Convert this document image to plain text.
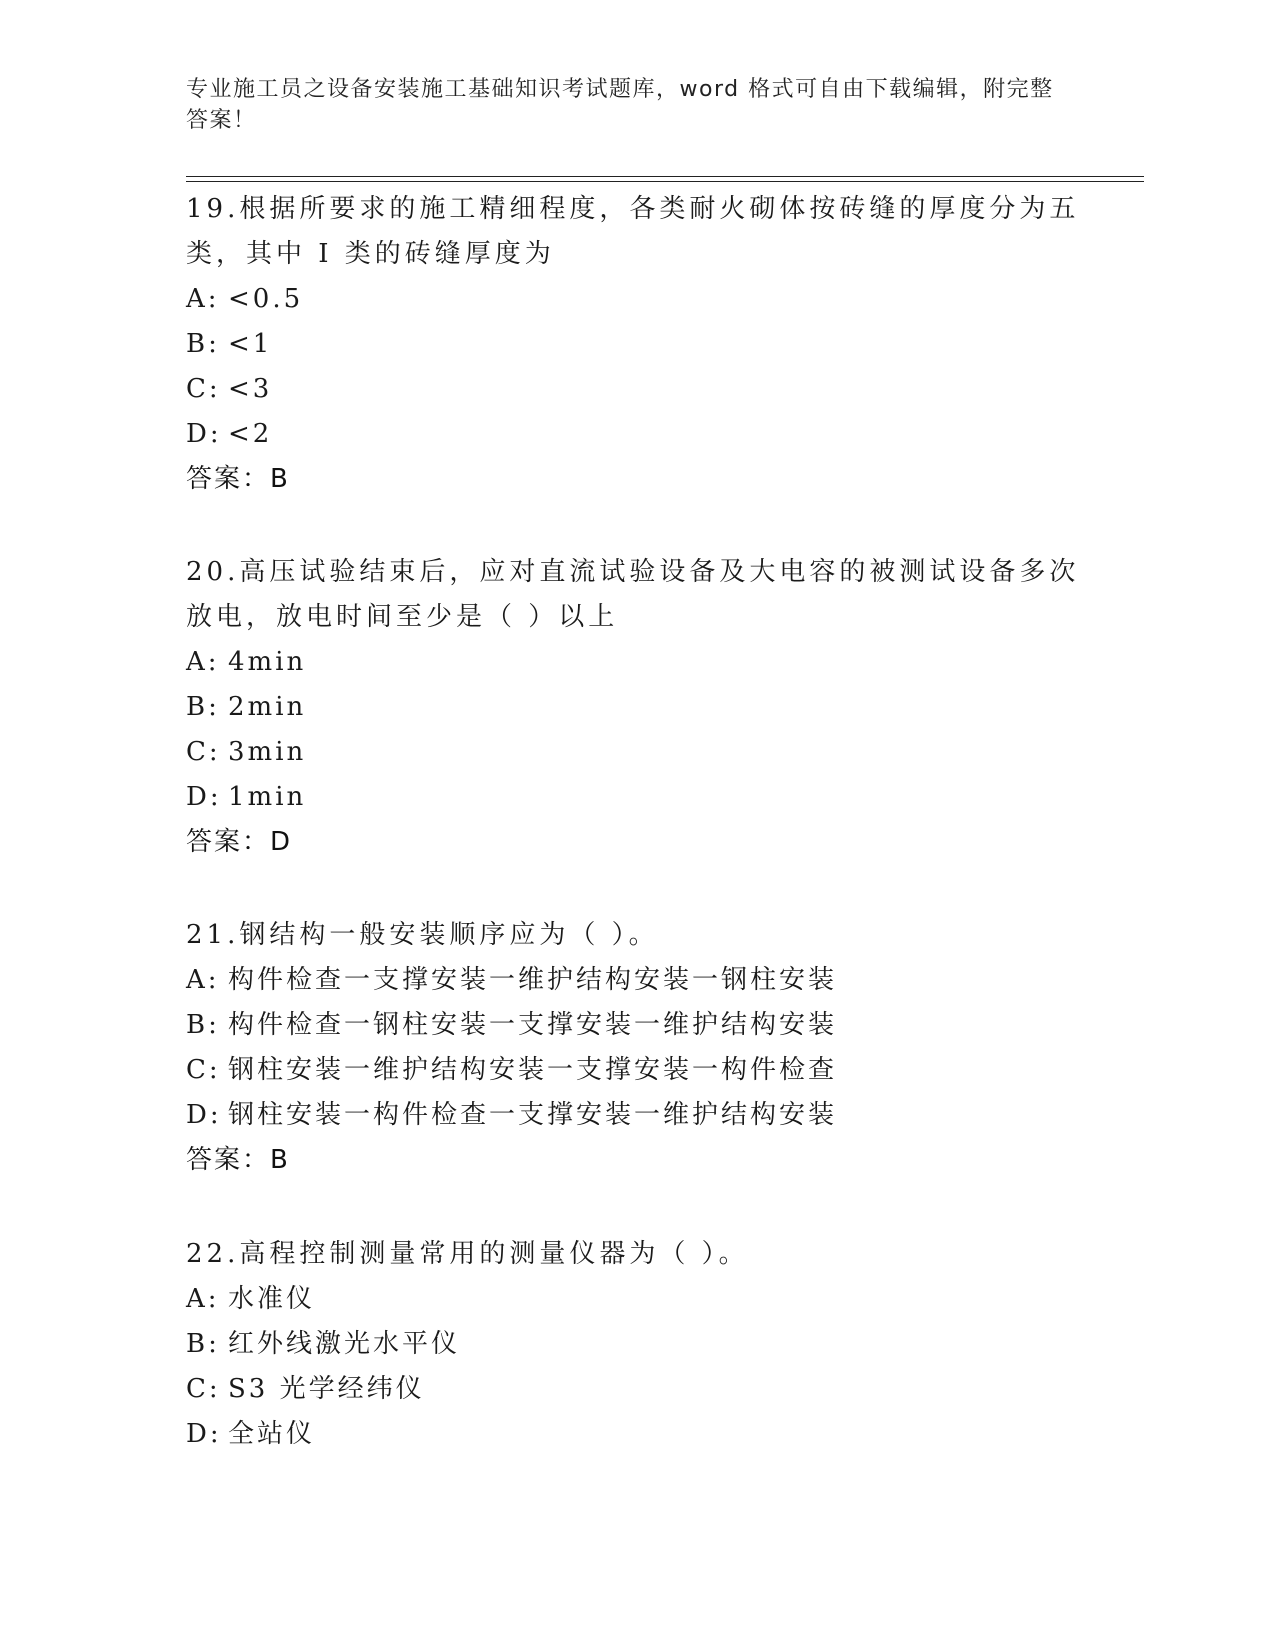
专业施工员之设备安装施工基础知识考试题库，word 格式可自由下载编辑，附完整答案！
19.根据所要求的施工精细程度，各类耐火砌体按砖缝的厚度分为五类，其中 I 类的砖缝厚度为
A: <0.5
B: <1
C: <3
D: <2
答案：B
20.高压试验结束后，应对直流试验设备及大电容的被测试设备多次放电，放电时间至少是（ ）以上
A: 4min
B: 2min
C: 3min
D: 1min
答案：D
21.钢结构一般安装顺序应为（ ）。
A: 构件检查一支撑安装一维护结构安装一钢柱安装
B: 构件检查一钢柱安装一支撑安装一维护结构安装
C: 钢柱安装一维护结构安装一支撑安装一构件检查
D: 钢柱安装一构件检查一支撑安装一维护结构安装
答案：B
22.高程控制测量常用的测量仪器为（ ）。
A: 水准仪
B: 红外线激光水平仪
C: S3 光学经纬仪
D: 全站仪
